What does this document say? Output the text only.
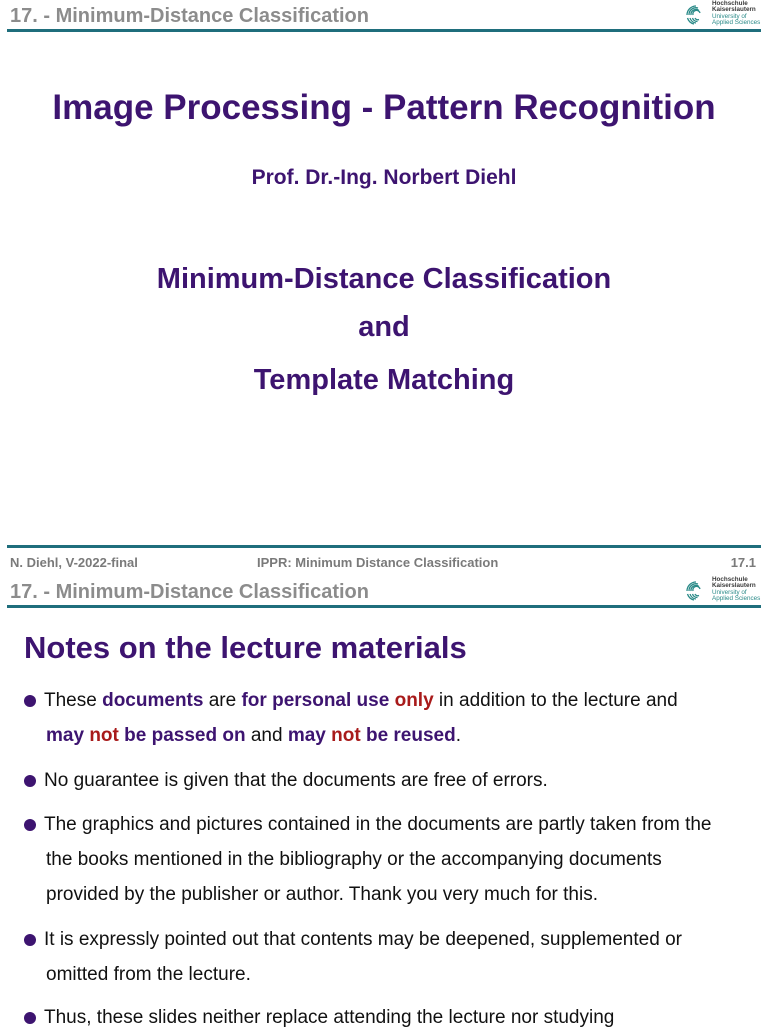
17. - Minimum-Distance Classification
Hochschule
Kaiserslautern
University of
Applied Sciences
Image Processing - Pattern Recognition
Prof. Dr.-Ing. Norbert Diehl
Minimum-Distance Classification
and
Template Matching
N. Diehl, V-2022-final	IPPR: Minimum Distance Classification	17.1
17. - Minimum-Distance Classification
Hochschule
Kaiserslautern
University of
Applied Sciences
Notes on the lecture materials
These documents are for personal use only in addition to the lecture and
may not be passed on and may not be reused.
No guarantee is given that the documents are free of errors.
The graphics and pictures contained in the documents are partly taken from the
the books mentioned in the bibliography or the accompanying documents
provided by the publisher or author. Thank you very much for this.
It is expressly pointed out that contents may be deepened, supplemented or
omitted from the lecture.
Thus, these slides neither replace attending the lecture nor studying
